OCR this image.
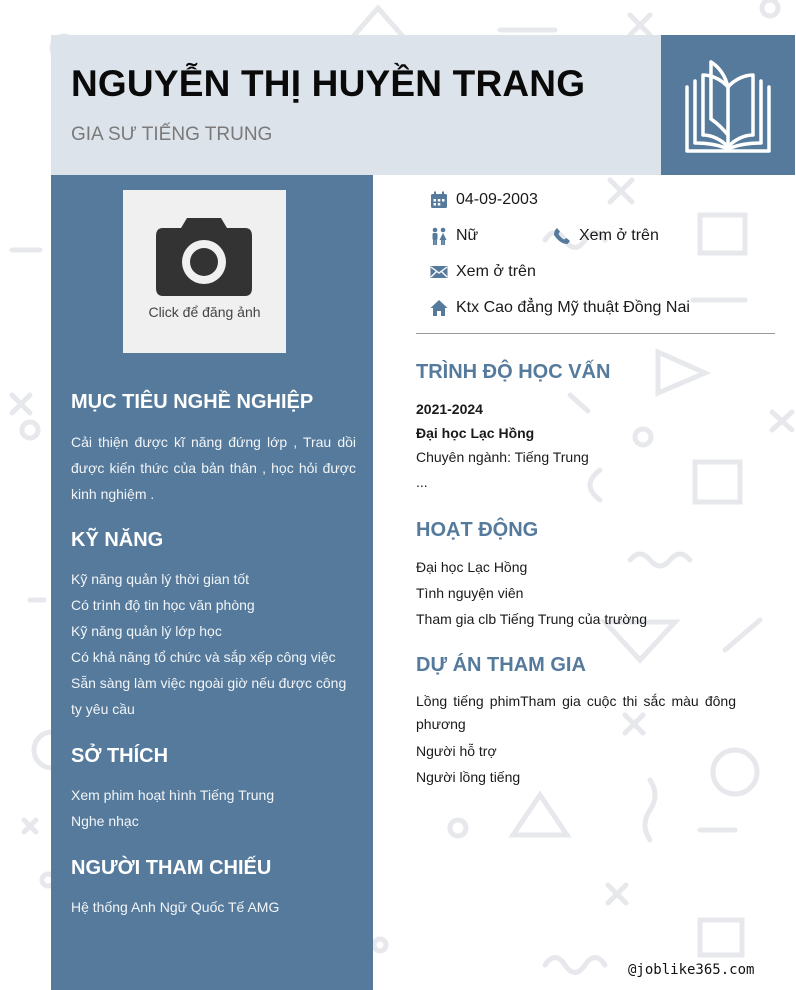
NGUYỄN THỊ HUYỀN TRANG
GIA SƯ TIẾNG TRUNG
Click để đăng ảnh
MỤC TIÊU NGHỀ NGHIỆP
Cải thiện được kĩ năng đứng lớp , Trau dồi được kiến thức của bản thân , học hỏi được kinh nghiệm .
KỸ NĂNG
Kỹ năng quản lý thời gian tốt
Có trình độ tin học văn phòng
Kỹ năng quản lý lớp học
Có khả năng tổ chức và sắp xếp công việc
Sẵn sàng làm việc ngoài giờ nếu được công ty yêu cầu
SỞ THÍCH
Xem phim hoạt hình Tiếng Trung
Nghe nhạc
NGƯỜI THAM CHIẾU
Hệ thống Anh Ngữ Quốc Tế AMG
04-09-2003
Nữ	Xem ở trên
Xem ở trên
Ktx Cao đẳng Mỹ thuật Đồng Nai
TRÌNH ĐỘ HỌC VẤN
2021-2024
Đại học Lạc Hồng
Chuyên ngành: Tiếng Trung
...
HOẠT ĐỘNG
Đại học Lạc Hồng
Tình nguyện viên
Tham gia clb Tiếng Trung của trường
DỰ ÁN THAM GIA
Lồng tiếng phimTham gia cuộc thi sắc màu đông phương
Người hỗ trợ
Người lồng tiếng
@joblike365.com
